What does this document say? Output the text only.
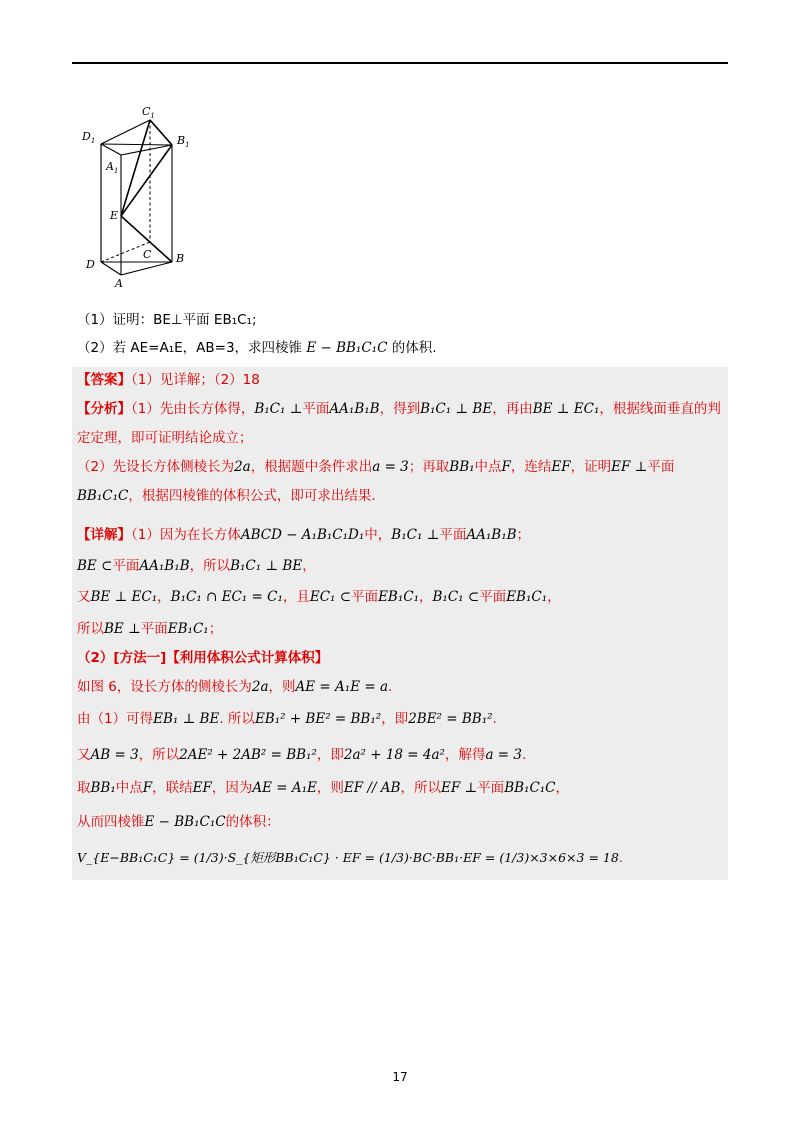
$C_1$
$D_1$	$B_1$
$A_1$
E
C
D	B
A
（1）证明：BE⊥平面 EB₁C₁;
（2）若 AE=A₁E，AB=3，求四棱锥 E − BB₁C₁C 的体积.
【答案】（1）见详解；（2）18
【分析】（1）先由长方体得，B₁C₁ ⊥平面AA₁B₁B，得到B₁C₁ ⊥ BE，再由BE ⊥ EC₁，根据线面垂直的判
定定理，即可证明结论成立；
（2）先设长方体侧棱长为2a，根据题中条件求出a = 3；再取BB₁中点F，连结EF，证明EF ⊥平面
BB₁C₁C，根据四棱锥的体积公式，即可求出结果.
【详解】（1）因为在长方体ABCD − A₁B₁C₁D₁中，B₁C₁ ⊥平面AA₁B₁B；
BE ⊂平面AA₁B₁B，所以B₁C₁ ⊥ BE，
又BE ⊥ EC₁，B₁C₁ ∩ EC₁ = C₁，且EC₁ ⊂平面EB₁C₁，B₁C₁ ⊂平面EB₁C₁，
所以BE ⊥平面EB₁C₁；
（2）[方法一]【利用体积公式计算体积】
如图 6，设长方体的侧棱长为2a，则AE = A₁E = a.
由（1）可得EB₁ ⊥ BE. 所以EB₁² + BE² = BB₁²，即2BE² = BB₁².
又AB = 3，所以2AE² + 2AB² = BB₁²，即2a² + 18 = 4a²，解得a = 3.
取BB₁中点F，联结EF，因为AE = A₁E，则EF // AB，所以EF ⊥平面BB₁C₁C，
从而四棱锥E − BB₁C₁C的体积：
V_{E−BB₁C₁C} = (1/3)·S_{矩形BB₁C₁C} · EF = (1/3)·BC·BB₁·EF = (1/3)×3×6×3 = 18.
17
